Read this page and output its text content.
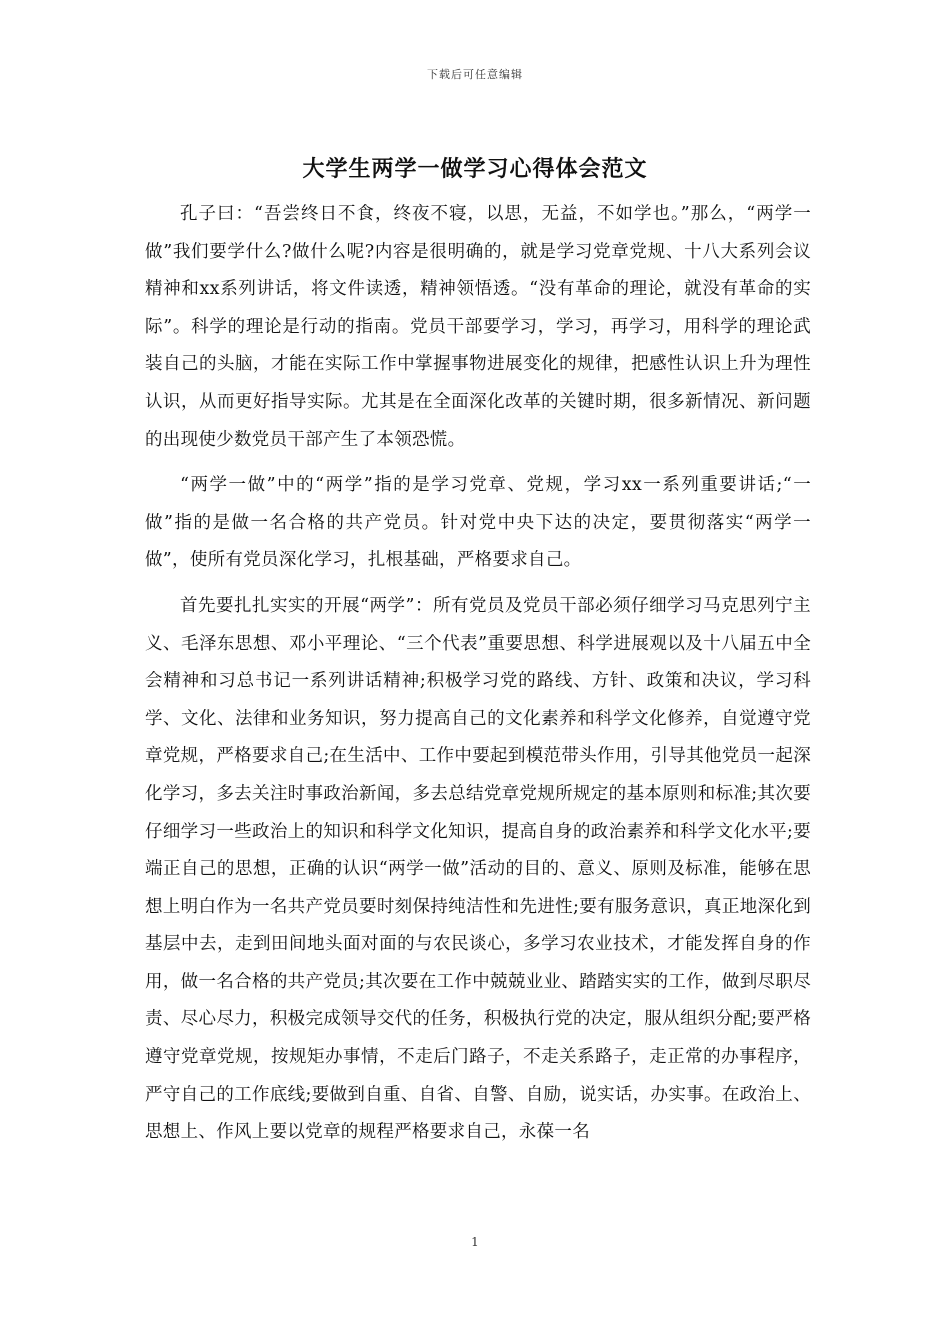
下载后可任意编辑
大学生两学一做学习心得体会范文

孔子曰：“吾尝终日不食，终夜不寝，以思，无益，不如学也。”那么，“两学一做”我们要学什么?做什么呢?内容是很明确的，就是学习党章党规、十八大系列会议精神和xx系列讲话，将文件读透，精神领悟透。“没有革命的理论，就没有革命的实际”。科学的理论是行动的指南。党员干部要学习，学习，再学习，用科学的理论武装自己的头脑，才能在实际工作中掌握事物进展变化的规律，把感性认识上升为理性认识，从而更好指导实际。尤其是在全面深化改革的关键时期，很多新情况、新问题的出现使少数党员干部产生了本领恐慌。

“两学一做”中的“两学”指的是学习党章、党规，学习xx一系列重要讲话;“一做”指的是做一名合格的共产党员。针对党中央下达的决定，要贯彻落实“两学一做”，使所有党员深化学习，扎根基础，严格要求自己。

首先要扎扎实实的开展“两学”：所有党员及党员干部必须仔细学习马克思列宁主义、毛泽东思想、邓小平理论、“三个代表”重要思想、科学进展观以及十八届五中全会精神和习总书记一系列讲话精神;积极学习党的路线、方针、政策和决议，学习科学、文化、法律和业务知识，努力提高自己的文化素养和科学文化修养，自觉遵守党章党规，严格要求自己;在生活中、工作中要起到模范带头作用，引导其他党员一起深化学习，多去关注时事政治新闻，多去总结党章党规所规定的基本原则和标准;其次要仔细学习一些政治上的知识和科学文化知识，提高自身的政治素养和科学文化水平;要端正自己的思想，正确的认识“两学一做”活动的目的、意义、原则及标准，能够在思想上明白作为一名共产党员要时刻保持纯洁性和先进性;要有服务意识，真正地深化到基层中去，走到田间地头面对面的与农民谈心，多学习农业技术，才能发挥自身的作用，做一名合格的共产党员;其次要在工作中兢兢业业、踏踏实实的工作，做到尽职尽责、尽心尽力，积极完成领导交代的任务，积极执行党的决定，服从组织分配;要严格遵守党章党规，按规矩办事情，不走后门路子，不走关系路子，走正常的办事程序，严守自己的工作底线;要做到自重、自省、自警、自励，说实话，办实事。在政治上、思想上、作风上要以党章的规程严格要求自己，永葆一名

1
